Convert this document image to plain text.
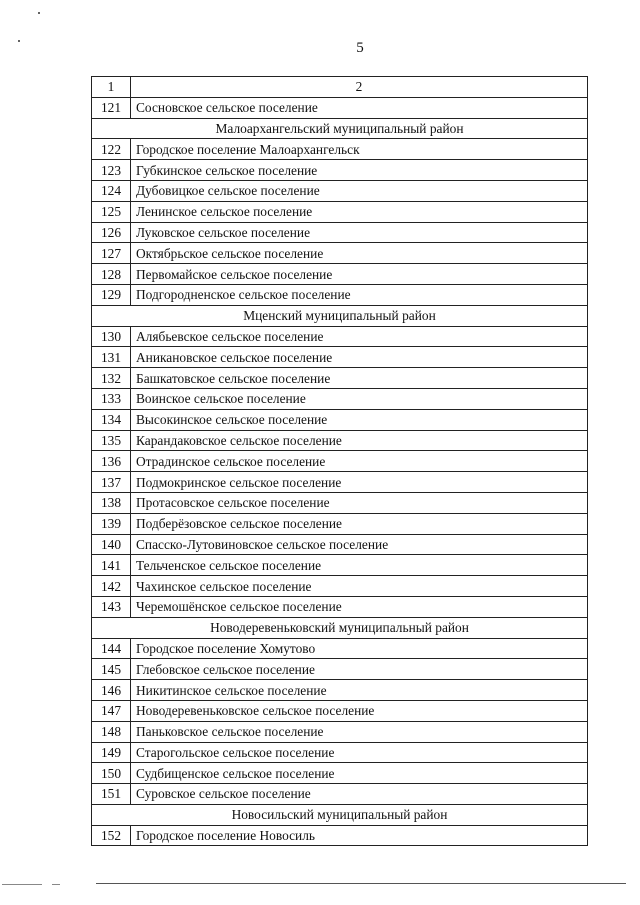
5
1	2
121	Сосновское сельское поселение
Малоархангельский муниципальный район	
122	Городское поселение Малоархангельск
123	Губкинское сельское поселение
124	Дубовицкое сельское поселение
125	Ленинское сельское поселение
126	Луковское сельское поселение
127	Октябрьское сельское поселение
128	Первомайское сельское поселение
129	Подгородненское сельское поселение
Мценский муниципальный район	
130	Алябьевское сельское поселение
131	Аникановское сельское поселение
132	Башкатовское сельское поселение
133	Воинское сельское поселение
134	Высокинское сельское поселение
135	Карандаковское сельское поселение
136	Отрадинское сельское поселение
137	Подмокринское сельское поселение
138	Протасовское сельское поселение
139	Подберёзовское сельское поселение
140	Спасско-Лутовиновское сельское поселение
141	Тельченское сельское поселение
142	Чахинское сельское поселение
143	Черемошёнское сельское поселение
Новодеревеньковский муниципальный район	
144	Городское поселение Хомутово
145	Глебовское сельское поселение
146	Никитинское сельское поселение
147	Новодеревеньковское сельское поселение
148	Паньковское сельское поселение
149	Старогольское сельское поселение
150	Судбищенское сельское поселение
151	Суровское сельское поселение
Новосильский муниципальный район	
152	Городское поселение Новосиль
